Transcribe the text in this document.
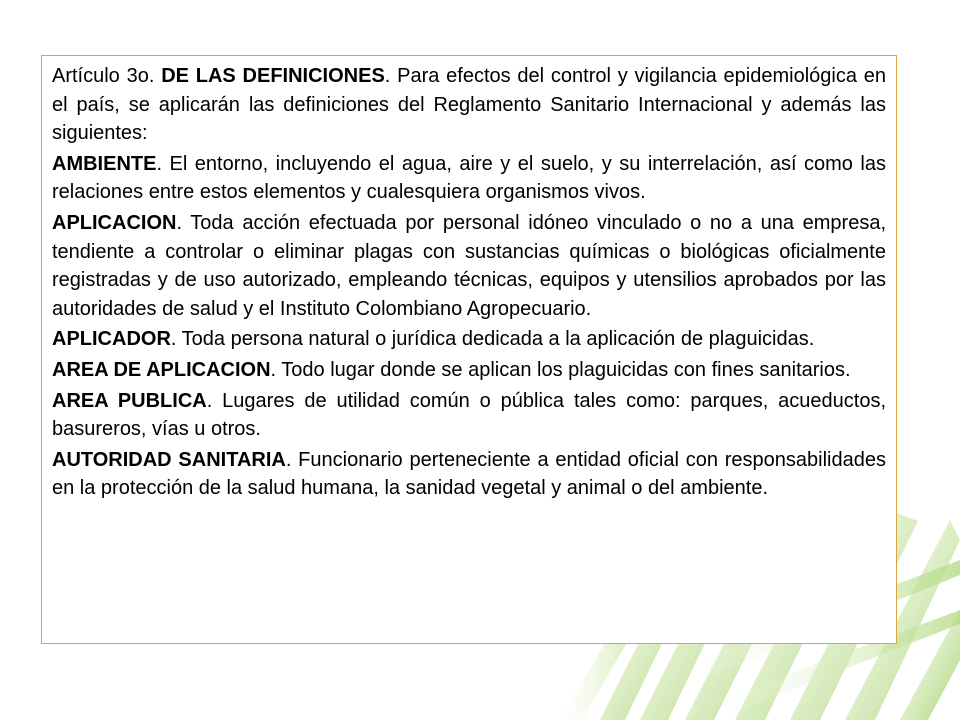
Artículo 3o. DE LAS DEFINICIONES. Para efectos del control y vigilancia epidemiológica en el país, se aplicarán las definiciones del Reglamento Sanitario Internacional y además las siguientes:

AMBIENTE. El entorno, incluyendo el agua, aire y el suelo, y su interrelación, así como las relaciones entre estos elementos y cualesquiera organismos vivos.

APLICACION. Toda acción efectuada por personal idóneo vinculado o no a una empresa, tendiente a controlar o eliminar plagas con sustancias químicas o biológicas oficialmente registradas y de uso autorizado, empleando técnicas, equipos y utensilios aprobados por las autoridades de salud y el Instituto Colombiano Agropecuario.

APLICADOR. Toda persona natural o jurídica dedicada a la aplicación de plaguicidas.

AREA DE APLICACION. Todo lugar donde se aplican los plaguicidas con fines sanitarios.

AREA PUBLICA. Lugares de utilidad común o pública tales como: parques, acueductos, basureros, vías u otros.

AUTORIDAD SANITARIA. Funcionario perteneciente a entidad oficial con responsabilidades en la protección de la salud humana, la sanidad vegetal y animal o del ambiente.
